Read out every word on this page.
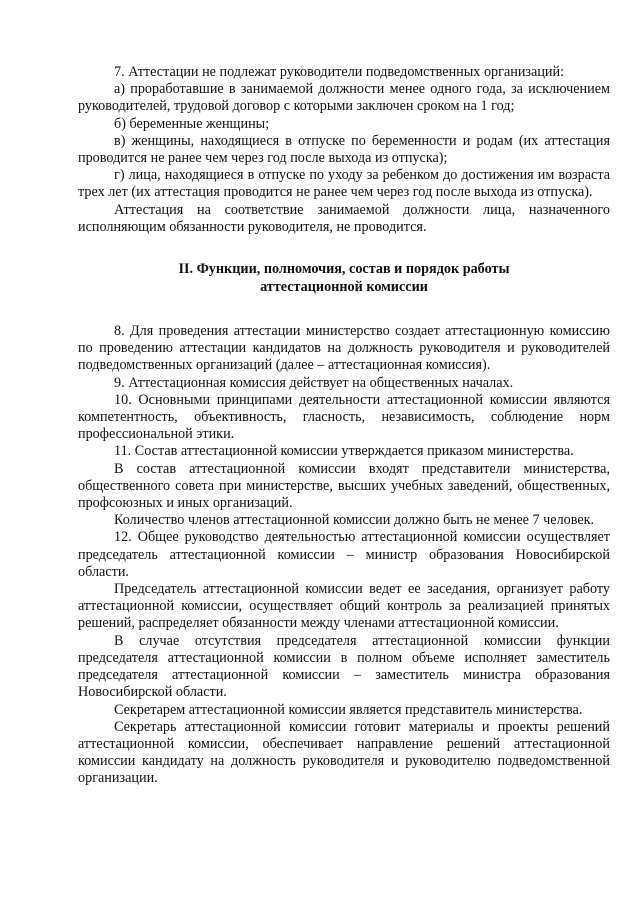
7. Аттестации не подлежат руководители подведомственных организаций:

а) проработавшие в занимаемой должности менее одного года, за исключением руководителей, трудовой договор с которыми заключен сроком на 1 год;

б) беременные женщины;

в) женщины, находящиеся в отпуске по беременности и родам (их аттестация проводится не ранее чем через год после выхода из отпуска);

г) лица, находящиеся в отпуске по уходу за ребенком до достижения им возраста трех лет (их аттестация проводится не ранее чем через год после выхода из отпуска).

Аттестация на соответствие занимаемой должности лица, назначенного исполняющим обязанности руководителя, не проводится.

II. Функции, полномочия, состав и порядок работы
аттестационной комиссии

8. Для проведения аттестации министерство создает аттестационную комиссию по проведению аттестации кандидатов на должность руководителя и руководителей подведомственных организаций (далее – аттестационная комиссия).

9. Аттестационная комиссия действует на общественных началах.

10. Основными принципами деятельности аттестационной комиссии являются компетентность, объективность, гласность, независимость, соблюдение норм профессиональной этики.

11. Состав аттестационной комиссии утверждается приказом министерства.

В состав аттестационной комиссии входят представители министерства, общественного совета при министерстве, высших учебных заведений, общественных, профсоюзных и иных организаций.

Количество членов аттестационной комиссии должно быть не менее 7 человек.

12. Общее руководство деятельностью аттестационной комиссии осуществляет председатель аттестационной комиссии – министр образования Новосибирской области.

Председатель аттестационной комиссии ведет ее заседания, организует работу аттестационной комиссии, осуществляет общий контроль за реализацией принятых решений, распределяет обязанности между членами аттестационной комиссии.

В случае отсутствия председателя аттестационной комиссии функции председателя аттестационной комиссии в полном объеме исполняет заместитель председателя аттестационной комиссии – заместитель министра образования Новосибирской области.

Секретарем аттестационной комиссии является представитель министерства.

Секретарь аттестационной комиссии готовит материалы и проекты решений аттестационной комиссии, обеспечивает направление решений аттестационной комиссии кандидату на должность руководителя и руководителю подведомственной организации.
